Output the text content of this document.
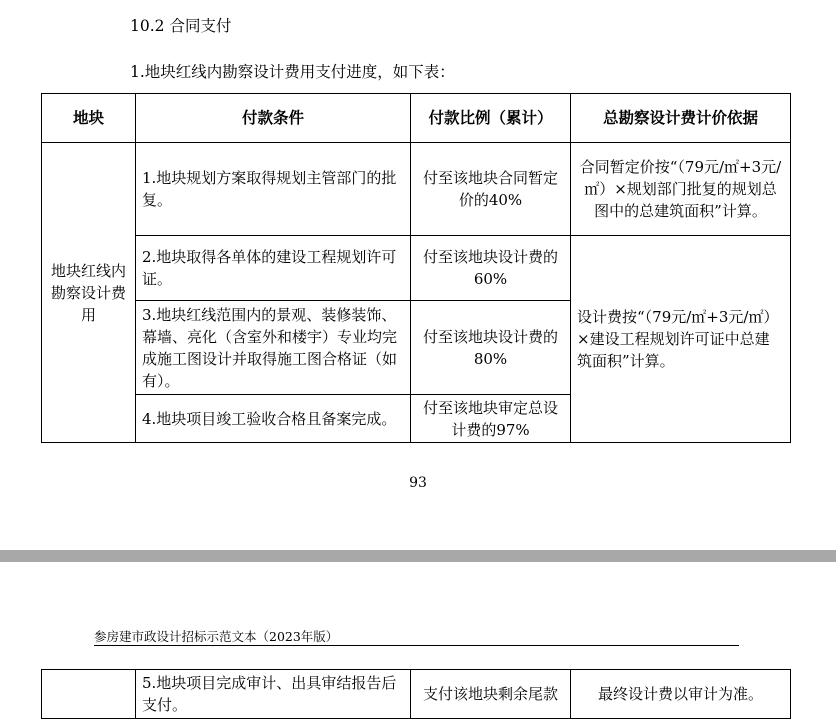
10.2 合同支付
1.地块红线内勘察设计费用支付进度，如下表：
地块	付款条件	付款比例（累计）	总勘察设计费计价依据
地块红线内勘察设计费用	1.地块规划方案取得规划主管部门的批复。	付至该地块合同暂定价的40%	合同暂定价按“（79元/㎡+3元/㎡）×规划部门批复的规划总图中的总建筑面积”计算。
	2.地块取得各单体的建设工程规划许可证。	付至该地块设计费的60%	设计费按“（79元/㎡+3元/㎡）×建设工程规划许可证中总建筑面积”计算。
	3.地块红线范围内的景观、装修装饰、幕墙、亮化（含室外和楼宇）专业均完成施工图设计并取得施工图合格证（如有）。	付至该地块设计费的80%	
	4.地块项目竣工验收合格且备案完成。	付至该地块审定总设计费的97%	
93
参房建市政设计招标示范文本（2023年版）
	5.地块项目完成审计、出具审结报告后支付。	支付该地块剩余尾款	最终设计费以审计为准。
